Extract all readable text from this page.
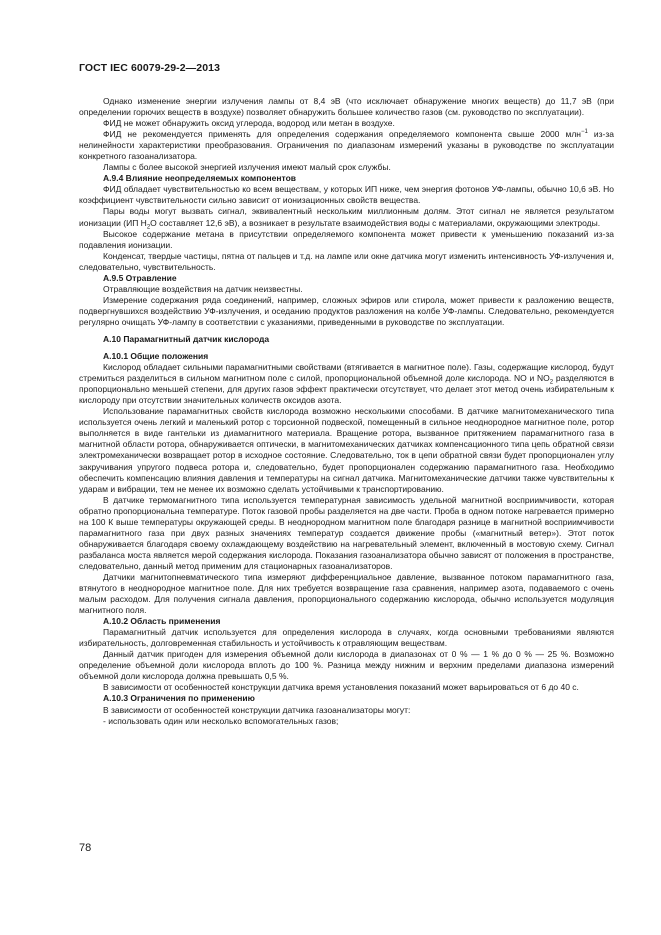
ГОСТ IEC 60079-29-2—2013

Однако изменение энергии излучения лампы от 8,4 эВ (что исключает обнаружение многих веществ) до 11,7 эВ (при определении горючих веществ в воздухе) позволяет обнаружить большее количество газов (см. руководство по эксплуатации).

ФИД не может обнаружить оксид углерода, водород или метан в воздухе.

ФИД не рекомендуется применять для определения содержания определяемого компонента свыше 2000 млн$^{-1}$ из-за нелинейности характеристики преобразования. Ограничения по диапазонам измерений указаны в руководстве по эксплуатации конкретного газоанализатора.

Лампы с более высокой энергией излучения имеют малый срок службы.

А.9.4 Влияние неопределяемых компонентов

ФИД обладает чувствительностью ко всем веществам, у которых ИП ниже, чем энергия фотонов УФ-лампы, обычно 10,6 эВ. Но коэффициент чувствительности сильно зависит от ионизационных свойств вещества.

Пары воды могут вызвать сигнал, эквивалентный нескольким миллионным долям. Этот сигнал не является результатом ионизации (ИП $H_2O$ составляет 12,6 эВ), а возникает в результате взаимодействия воды с материалами, окружающими электроды.

Высокое содержание метана в присутствии определяемого компонента может привести к уменьшению показаний из-за подавления ионизации.

Конденсат, твердые частицы, пятна от пальцев и т.д. на лампе или окне датчика могут изменить интенсивность УФ-излучения и, следовательно, чувствительность.

А.9.5 Отравление

Отравляющие воздействия на датчик неизвестны.

Измерение содержания ряда соединений, например, сложных эфиров или стирола, может привести к разложению веществ, подвергнувшихся воздействию УФ-излучения, и оседанию продуктов разложения на колбе УФ-лампы. Следовательно, рекомендуется регулярно очищать УФ-лампу в соответствии с указаниями, приведенными в руководстве по эксплуатации.

А.10 Парамагнитный датчик кислорода

А.10.1 Общие положения

Кислород обладает сильными парамагнитными свойствами (втягивается в магнитное поле). Газы, содержащие кислород, будут стремиться разделиться в сильном магнитном поле с силой, пропорциональной объемной доле кислорода. NO и $NO_2$ разделяются в пропорционально меньшей степени, для других газов эффект практически отсутствует, что делает этот метод очень избирательным к кислороду при отсутствии значительных количеств оксидов азота.

Использование парамагнитных свойств кислорода возможно несколькими способами. В датчике магнитомеханического типа используется очень легкий и маленький ротор с торсионной подвеской, помещенный в сильное неоднородное магнитное поле, ротор выполняется в виде гантельки из диамагнитного материала. Вращение ротора, вызванное притяжением парамагнитного газа в магнитной области ротора, обнаруживается оптически, в магнитомеханических датчиках компенсационного типа цепь обратной связи электромеханически возвращает ротор в исходное состояние. Следовательно, ток в цепи обратной связи будет пропорционален углу закручивания упругого подвеса ротора и, следовательно, будет пропорционален содержанию парамагнитного газа. Необходимо обеспечить компенсацию влияния давления и температуры на сигнал датчика. Магнитомеханические датчики также чувствительны к ударам и вибрации, тем не менее их возможно сделать устойчивыми к транспортированию.

В датчике термомагнитного типа используется температурная зависимость удельной магнитной восприимчивости, которая обратно пропорциональна температуре. Поток газовой пробы разделяется на две части. Проба в одном потоке нагревается примерно на 100 К выше температуры окружающей среды. В неоднородном магнитном поле благодаря разнице в магнитной восприимчивости парамагнитного газа при двух разных значениях температур создается движение пробы («магнитный ветер»). Этот поток обнаруживается благодаря своему охлаждающему воздействию на нагревательный элемент, включенный в мостовую схему. Сигнал разбаланса моста является мерой содержания кислорода. Показания газоанализатора обычно зависят от положения в пространстве, следовательно, данный метод применим для стационарных газоанализаторов.

Датчики магнитопневматического типа измеряют дифференциальное давление, вызванное потоком парамагнитного газа, втянутого в неоднородное магнитное поле. Для них требуется возвращение газа сравнения, например азота, подаваемого с очень малым расходом. Для получения сигнала давления, пропорционального содержанию кислорода, обычно используется модуляция магнитного поля.

А.10.2 Область применения

Парамагнитный датчик используется для определения кислорода в случаях, когда основными требованиями являются избирательность, долговременная стабильность и устойчивость к отравляющим веществам.

Данный датчик пригоден для измерения объемной доли кислорода в диапазонах от 0 % — 1 % до 0 % — 25 %. Возможно определение объемной доли кислорода вплоть до 100 %. Разница между нижним и верхним пределами диапазона измерений объемной доли кислорода должна превышать 0,5 %.

В зависимости от особенностей конструкции датчика время установления показаний может варьироваться от 6 до 40 с.

А.10.3 Ограничения по применению

В зависимости от особенностей конструкции датчика газоанализаторы могут:

- использовать один или несколько вспомогательных газов;

78
